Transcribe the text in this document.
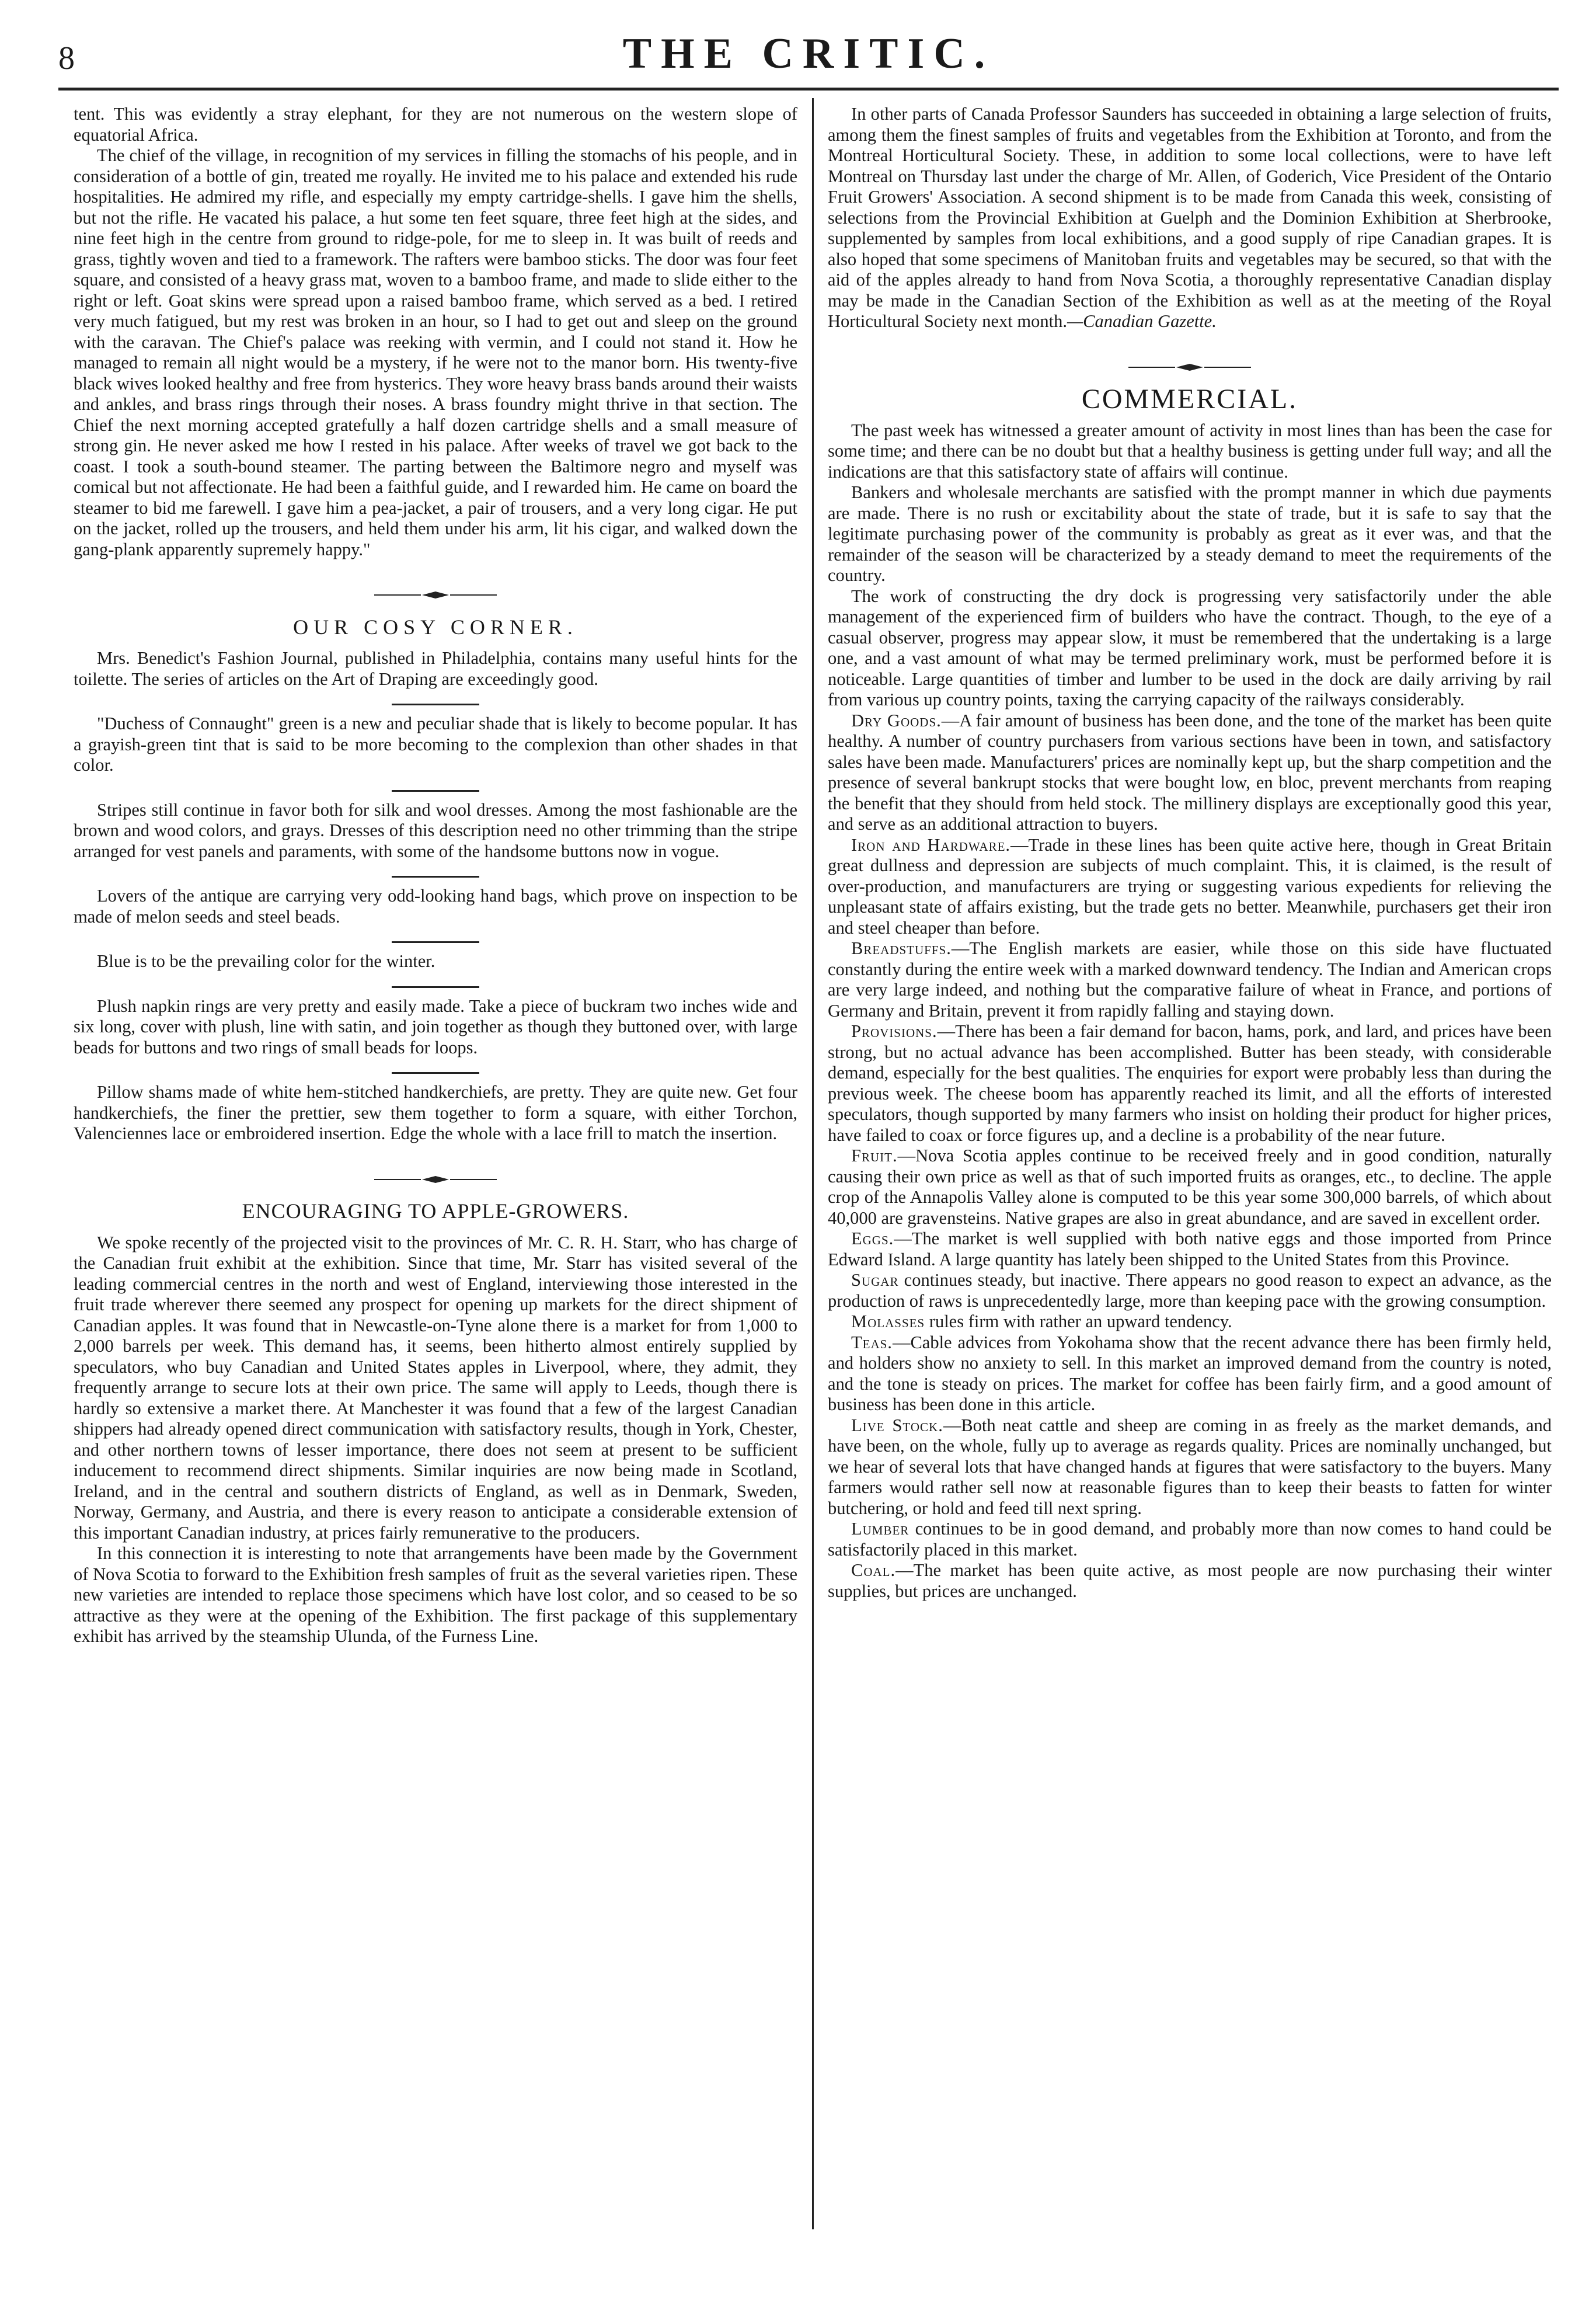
8	THE CRITIC.

tent. This was evidently a stray elephant, for they are not numerous on the western slope of equatorial Africa.

The chief of the village, in recognition of my services in filling the stomachs of his people, and in consideration of a bottle of gin, treated me royally. He invited me to his palace and extended his rude hospitalities. He admired my rifle, and especially my empty cartridge-shells. I gave him the shells, but not the rifle. He vacated his palace, a hut some ten feet square, three feet high at the sides, and nine feet high in the centre from ground to ridge-pole, for me to sleep in. It was built of reeds and grass, tightly woven and tied to a framework. The rafters were bamboo sticks. The door was four feet square, and consisted of a heavy grass mat, woven to a bamboo frame, and made to slide either to the right or left. Goat skins were spread upon a raised bamboo frame, which served as a bed. I retired very much fatigued, but my rest was broken in an hour, so I had to get out and sleep on the ground with the caravan. The Chief's palace was reeking with vermin, and I could not stand it. How he managed to remain all night would be a mystery, if he were not to the manor born. His twenty-five black wives looked healthy and free from hysterics. They wore heavy brass bands around their waists and ankles, and brass rings through their noses. A brass foundry might thrive in that section. The Chief the next morning accepted gratefully a half dozen cartridge shells and a small measure of strong gin. He never asked me how I rested in his palace. After weeks of travel we got back to the coast. I took a south-bound steamer. The parting between the Baltimore negro and myself was comical but not affectionate. He had been a faithful guide, and I rewarded him. He came on board the steamer to bid me farewell. I gave him a pea-jacket, a pair of trousers, and a very long cigar. He put on the jacket, rolled up the trousers, and held them under his arm, lit his cigar, and walked down the gang-plank apparently supremely happy."

OUR COSY CORNER.

Mrs. Benedict's Fashion Journal, published in Philadelphia, contains many useful hints for the toilette. The series of articles on the Art of Draping are exceedingly good.

"Duchess of Connaught" green is a new and peculiar shade that is likely to become popular. It has a grayish-green tint that is said to be more becoming to the complexion than other shades in that color.

Stripes still continue in favor both for silk and wool dresses. Among the most fashionable are the brown and wood colors, and grays. Dresses of this description need no other trimming than the stripe arranged for vest panels and paraments, with some of the handsome buttons now in vogue.

Lovers of the antique are carrying very odd-looking hand bags, which prove on inspection to be made of melon seeds and steel beads.

Blue is to be the prevailing color for the winter.

Plush napkin rings are very pretty and easily made. Take a piece of buckram two inches wide and six long, cover with plush, line with satin, and join together as though they buttoned over, with large beads for buttons and two rings of small beads for loops.

Pillow shams made of white hem-stitched handkerchiefs, are pretty. They are quite new. Get four handkerchiefs, the finer the prettier, sew them together to form a square, with either Torchon, Valenciennes lace or embroidered insertion. Edge the whole with a lace frill to match the insertion.

ENCOURAGING TO APPLE-GROWERS.

We spoke recently of the projected visit to the provinces of Mr. C. R. H. Starr, who has charge of the Canadian fruit exhibit at the exhibition. Since that time, Mr. Starr has visited several of the leading commercial centres in the north and west of England, interviewing those interested in the fruit trade wherever there seemed any prospect for opening up markets for the direct shipment of Canadian apples. It was found that in Newcastle-on-Tyne alone there is a market for from 1,000 to 2,000 barrels per week. This demand has, it seems, been hitherto almost entirely supplied by speculators, who buy Canadian and United States apples in Liverpool, where, they admit, they frequently arrange to secure lots at their own price. The same will apply to Leeds, though there is hardly so extensive a market there. At Manchester it was found that a few of the largest Canadian shippers had already opened direct communication with satisfactory results, though in York, Chester, and other northern towns of lesser importance, there does not seem at present to be sufficient inducement to recommend direct shipments. Similar inquiries are now being made in Scotland, Ireland, and in the central and southern districts of England, as well as in Denmark, Sweden, Norway, Germany, and Austria, and there is every reason to anticipate a considerable extension of this important Canadian industry, at prices fairly remunerative to the producers.

In this connection it is interesting to note that arrangements have been made by the Government of Nova Scotia to forward to the Exhibition fresh samples of fruit as the several varieties ripen. These new varieties are intended to replace those specimens which have lost color, and so ceased to be so attractive as they were at the opening of the Exhibition. The first package of this supplementary exhibit has arrived by the steamship Ulunda, of the Furness Line.

In other parts of Canada Professor Saunders has succeeded in obtaining a large selection of fruits, among them the finest samples of fruits and vegetables from the Exhibition at Toronto, and from the Montreal Horticultural Society. These, in addition to some local collections, were to have left Montreal on Thursday last under the charge of Mr. Allen, of Goderich, Vice President of the Ontario Fruit Growers' Association. A second shipment is to be made from Canada this week, consisting of selections from the Provincial Exhibition at Guelph and the Dominion Exhibition at Sherbrooke, supplemented by samples from local exhibitions, and a good supply of ripe Canadian grapes. It is also hoped that some specimens of Manitoban fruits and vegetables may be secured, so that with the aid of the apples already to hand from Nova Scotia, a thoroughly representative Canadian display may be made in the Canadian Section of the Exhibition as well as at the meeting of the Royal Horticultural Society next month.—Canadian Gazette.

COMMERCIAL.

The past week has witnessed a greater amount of activity in most lines than has been the case for some time; and there can be no doubt but that a healthy business is getting under full way; and all the indications are that this satisfactory state of affairs will continue.

Bankers and wholesale merchants are satisfied with the prompt manner in which due payments are made. There is no rush or excitability about the state of trade, but it is safe to say that the legitimate purchasing power of the community is probably as great as it ever was, and that the remainder of the season will be characterized by a steady demand to meet the requirements of the country.

The work of constructing the dry dock is progressing very satisfactorily under the able management of the experienced firm of builders who have the contract. Though, to the eye of a casual observer, progress may appear slow, it must be remembered that the undertaking is a large one, and a vast amount of what may be termed preliminary work, must be performed before it is noticeable. Large quantities of timber and lumber to be used in the dock are daily arriving by rail from various up country points, taxing the carrying capacity of the railways considerably.

Dry Goods.—A fair amount of business has been done, and the tone of the market has been quite healthy. A number of country purchasers from various sections have been in town, and satisfactory sales have been made. Manufacturers' prices are nominally kept up, but the sharp competition and the presence of several bankrupt stocks that were bought low, en bloc, prevent merchants from reaping the benefit that they should from held stock. The millinery displays are exceptionally good this year, and serve as an additional attraction to buyers.

Iron and Hardware.—Trade in these lines has been quite active here, though in Great Britain great dullness and depression are subjects of much complaint. This, it is claimed, is the result of over-production, and manufacturers are trying or suggesting various expedients for relieving the unpleasant state of affairs existing, but the trade gets no better. Meanwhile, purchasers get their iron and steel cheaper than before.

Breadstuffs.—The English markets are easier, while those on this side have fluctuated constantly during the entire week with a marked downward tendency. The Indian and American crops are very large indeed, and nothing but the comparative failure of wheat in France, and portions of Germany and Britain, prevent it from rapidly falling and staying down.

Provisions.—There has been a fair demand for bacon, hams, pork, and lard, and prices have been strong, but no actual advance has been accomplished. Butter has been steady, with considerable demand, especially for the best qualities. The enquiries for export were probably less than during the previous week. The cheese boom has apparently reached its limit, and all the efforts of interested speculators, though supported by many farmers who insist on holding their product for higher prices, have failed to coax or force figures up, and a decline is a probability of the near future.

Fruit.—Nova Scotia apples continue to be received freely and in good condition, naturally causing their own price as well as that of such imported fruits as oranges, etc., to decline. The apple crop of the Annapolis Valley alone is computed to be this year some 300,000 barrels, of which about 40,000 are gravensteins. Native grapes are also in great abundance, and are saved in excellent order.

Eggs.—The market is well supplied with both native eggs and those imported from Prince Edward Island. A large quantity has lately been shipped to the United States from this Province.

Sugar continues steady, but inactive. There appears no good reason to expect an advance, as the production of raws is unprecedentedly large, more than keeping pace with the growing consumption.

Molasses rules firm with rather an upward tendency.

Teas.—Cable advices from Yokohama show that the recent advance there has been firmly held, and holders show no anxiety to sell. In this market an improved demand from the country is noted, and the tone is steady on prices. The market for coffee has been fairly firm, and a good amount of business has been done in this article.

Live Stock.—Both neat cattle and sheep are coming in as freely as the market demands, and have been, on the whole, fully up to average as regards quality. Prices are nominally unchanged, but we hear of several lots that have changed hands at figures that were satisfactory to the buyers. Many farmers would rather sell now at reasonable figures than to keep their beasts to fatten for winter butchering, or hold and feed till next spring.

Lumber continues to be in good demand, and probably more than now comes to hand could be satisfactorily placed in this market.

Coal.—The market has been quite active, as most people are now purchasing their winter supplies, but prices are unchanged.
